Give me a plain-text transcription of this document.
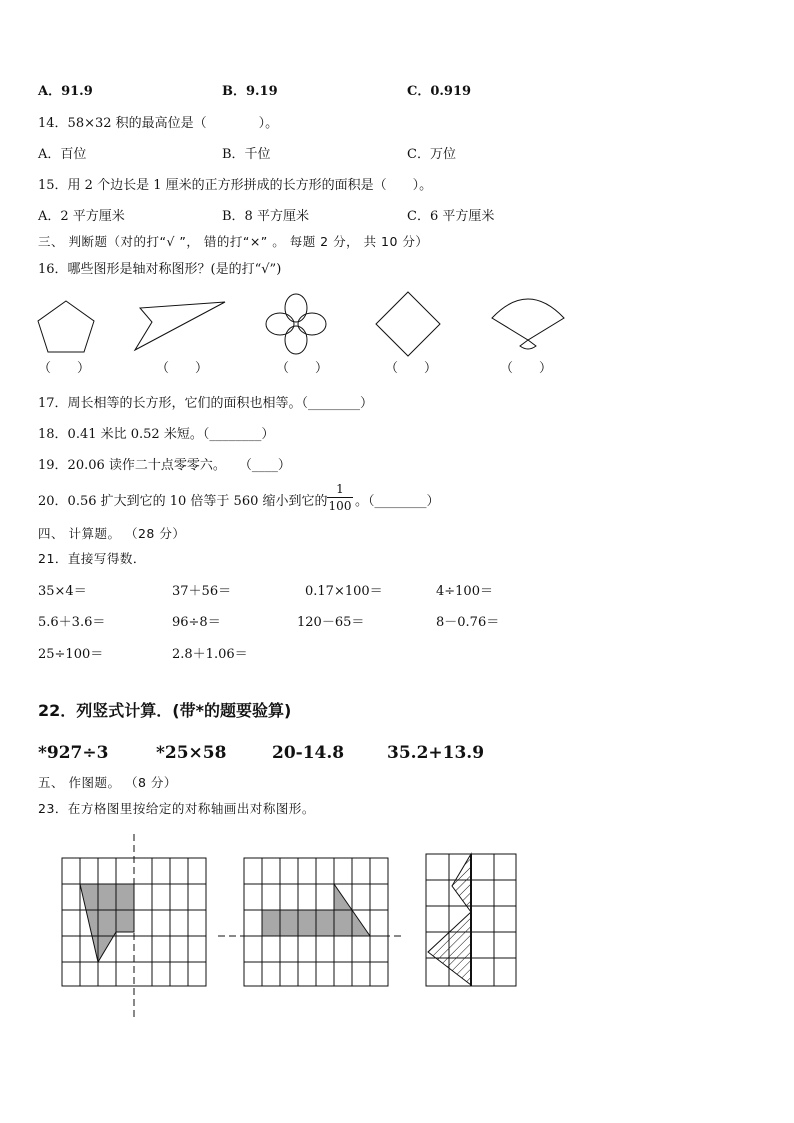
A．91.9	B．9.19	C．0.919
14．58×32 积的最高位是（　　　　）。
A．百位	B．千位	C．万位
15．用 2 个边长是 1 厘米的正方形拼成的长方形的面积是（　　）。
A．2 平方厘米	B．8 平方厘米	C．6 平方厘米
三、 判断题（对的打“√ ”， 错的打“×” 。 每题 2 分， 共 10 分）
16．哪些图形是轴对称图形？(是的打“√”)
（　　）	（　　）	（　　）	（　　）	（　　）
17．周长相等的长方形，它们的面积也相等。（________）
18．0.41 米比 0.52 米短。（________）
19．20.06 读作二十点零零六。　　（____）
20．0.56 扩大到它的 10 倍等于 560 缩小到它的
1
100 。（________）
四、 计算题。 （28 分）
21．直接写得数．
35×4＝	37＋56＝	0.17×100＝	4÷100＝
5.6＋3.6＝	96÷8＝	120－65＝	8－0.76＝
25÷100＝	2.8＋1.06＝
22．列竖式计算．(带*的题要验算)
*927÷3	*25×58	20-14.8	35.2+13.9
五、 作图题。 （8 分）
23．在方格图里按给定的对称轴画出对称图形。
